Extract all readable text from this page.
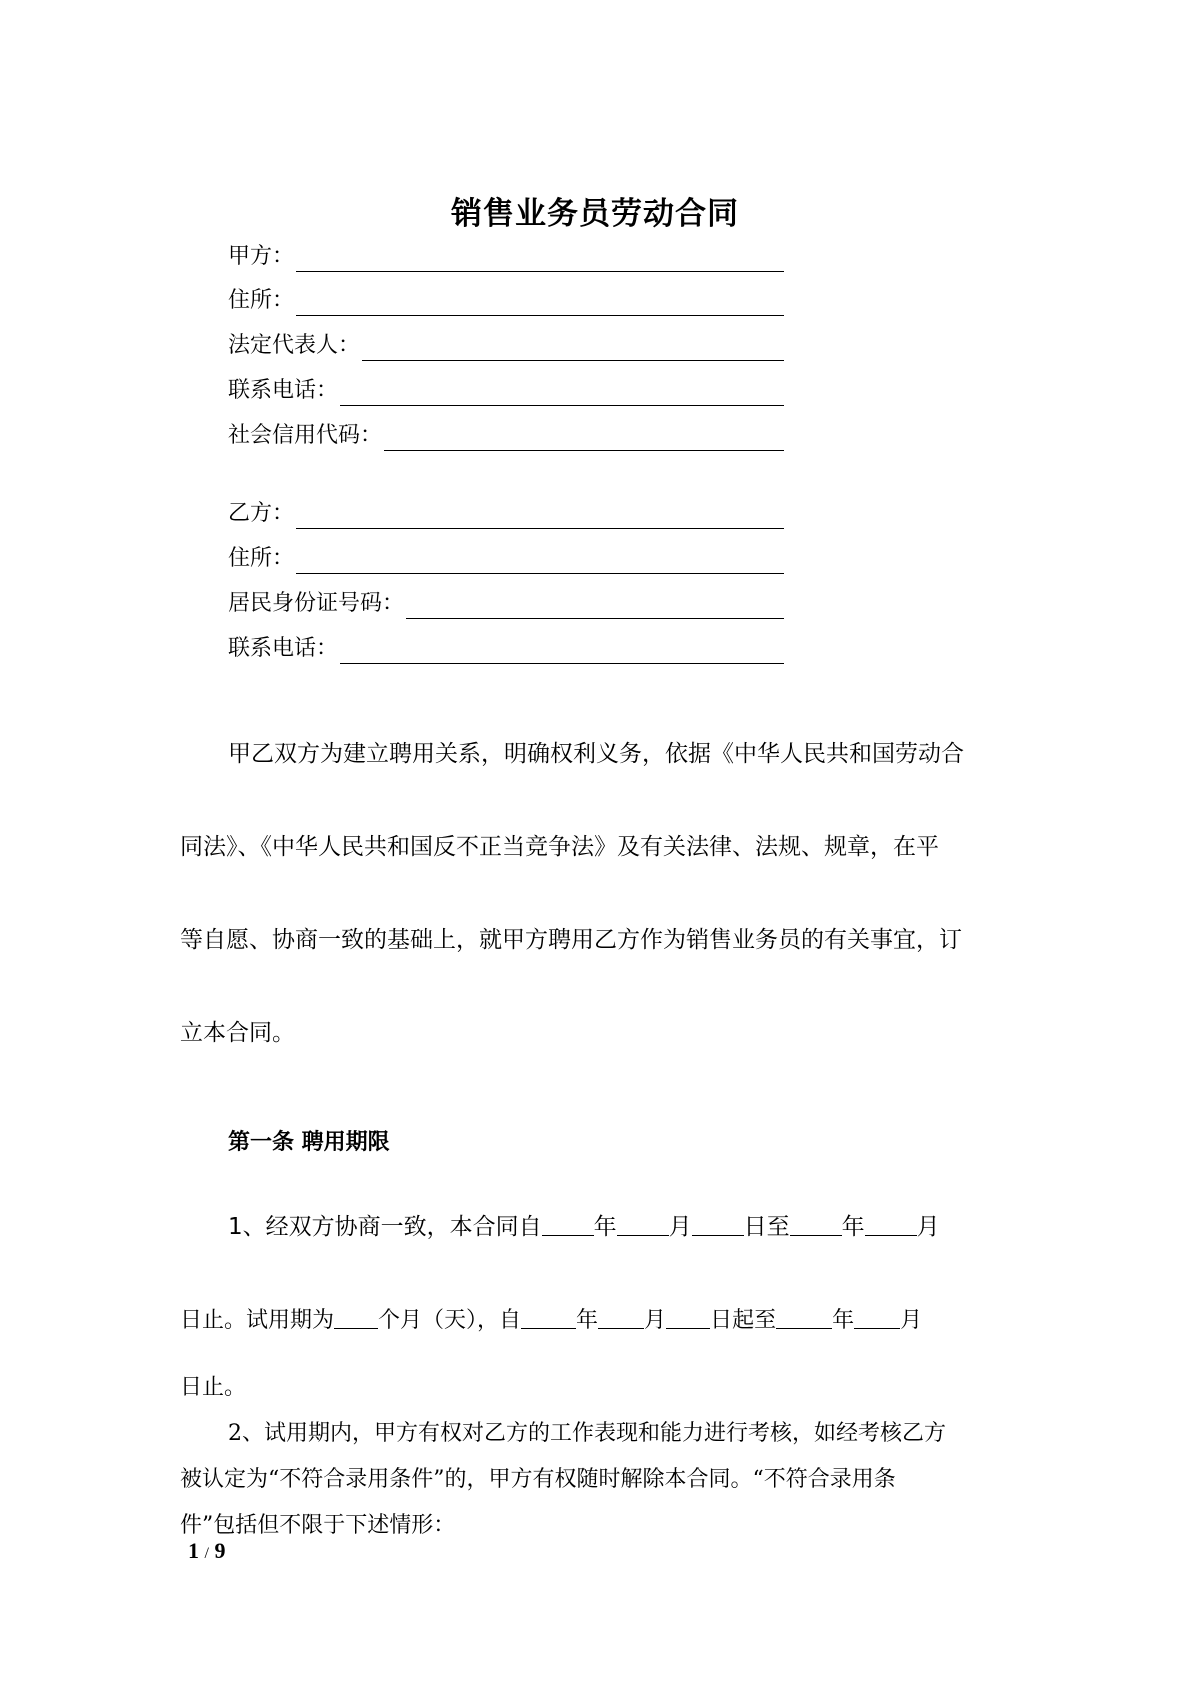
销售业务员劳动合同
甲方：
住所：
法定代表人：
联系电话：
社会信用代码：
乙方：
住所：
居民身份证号码：
联系电话：
甲乙双方为建立聘用关系，明确权利义务，依据《中华人民共和国劳动合
同法》、《中华人民共和国反不正当竞争法》及有关法律、法规、规章，在平
等自愿、协商一致的基础上，就甲方聘用乙方作为销售业务员的有关事宜，订
立本合同。
第一条 聘用期限
1、经双方协商一致，本合同自 年 月 日至 年 月
日止。试用期为 个月（天），自	年 月 日起至	年 月
日止。
2、试用期内，甲方有权对乙方的工作表现和能力进行考核，如经考核乙方
被认定为“不符合录用条件”的，甲方有权随时解除本合同。“不符合录用条
件”包括但不限于下述情形：
1 / 9
